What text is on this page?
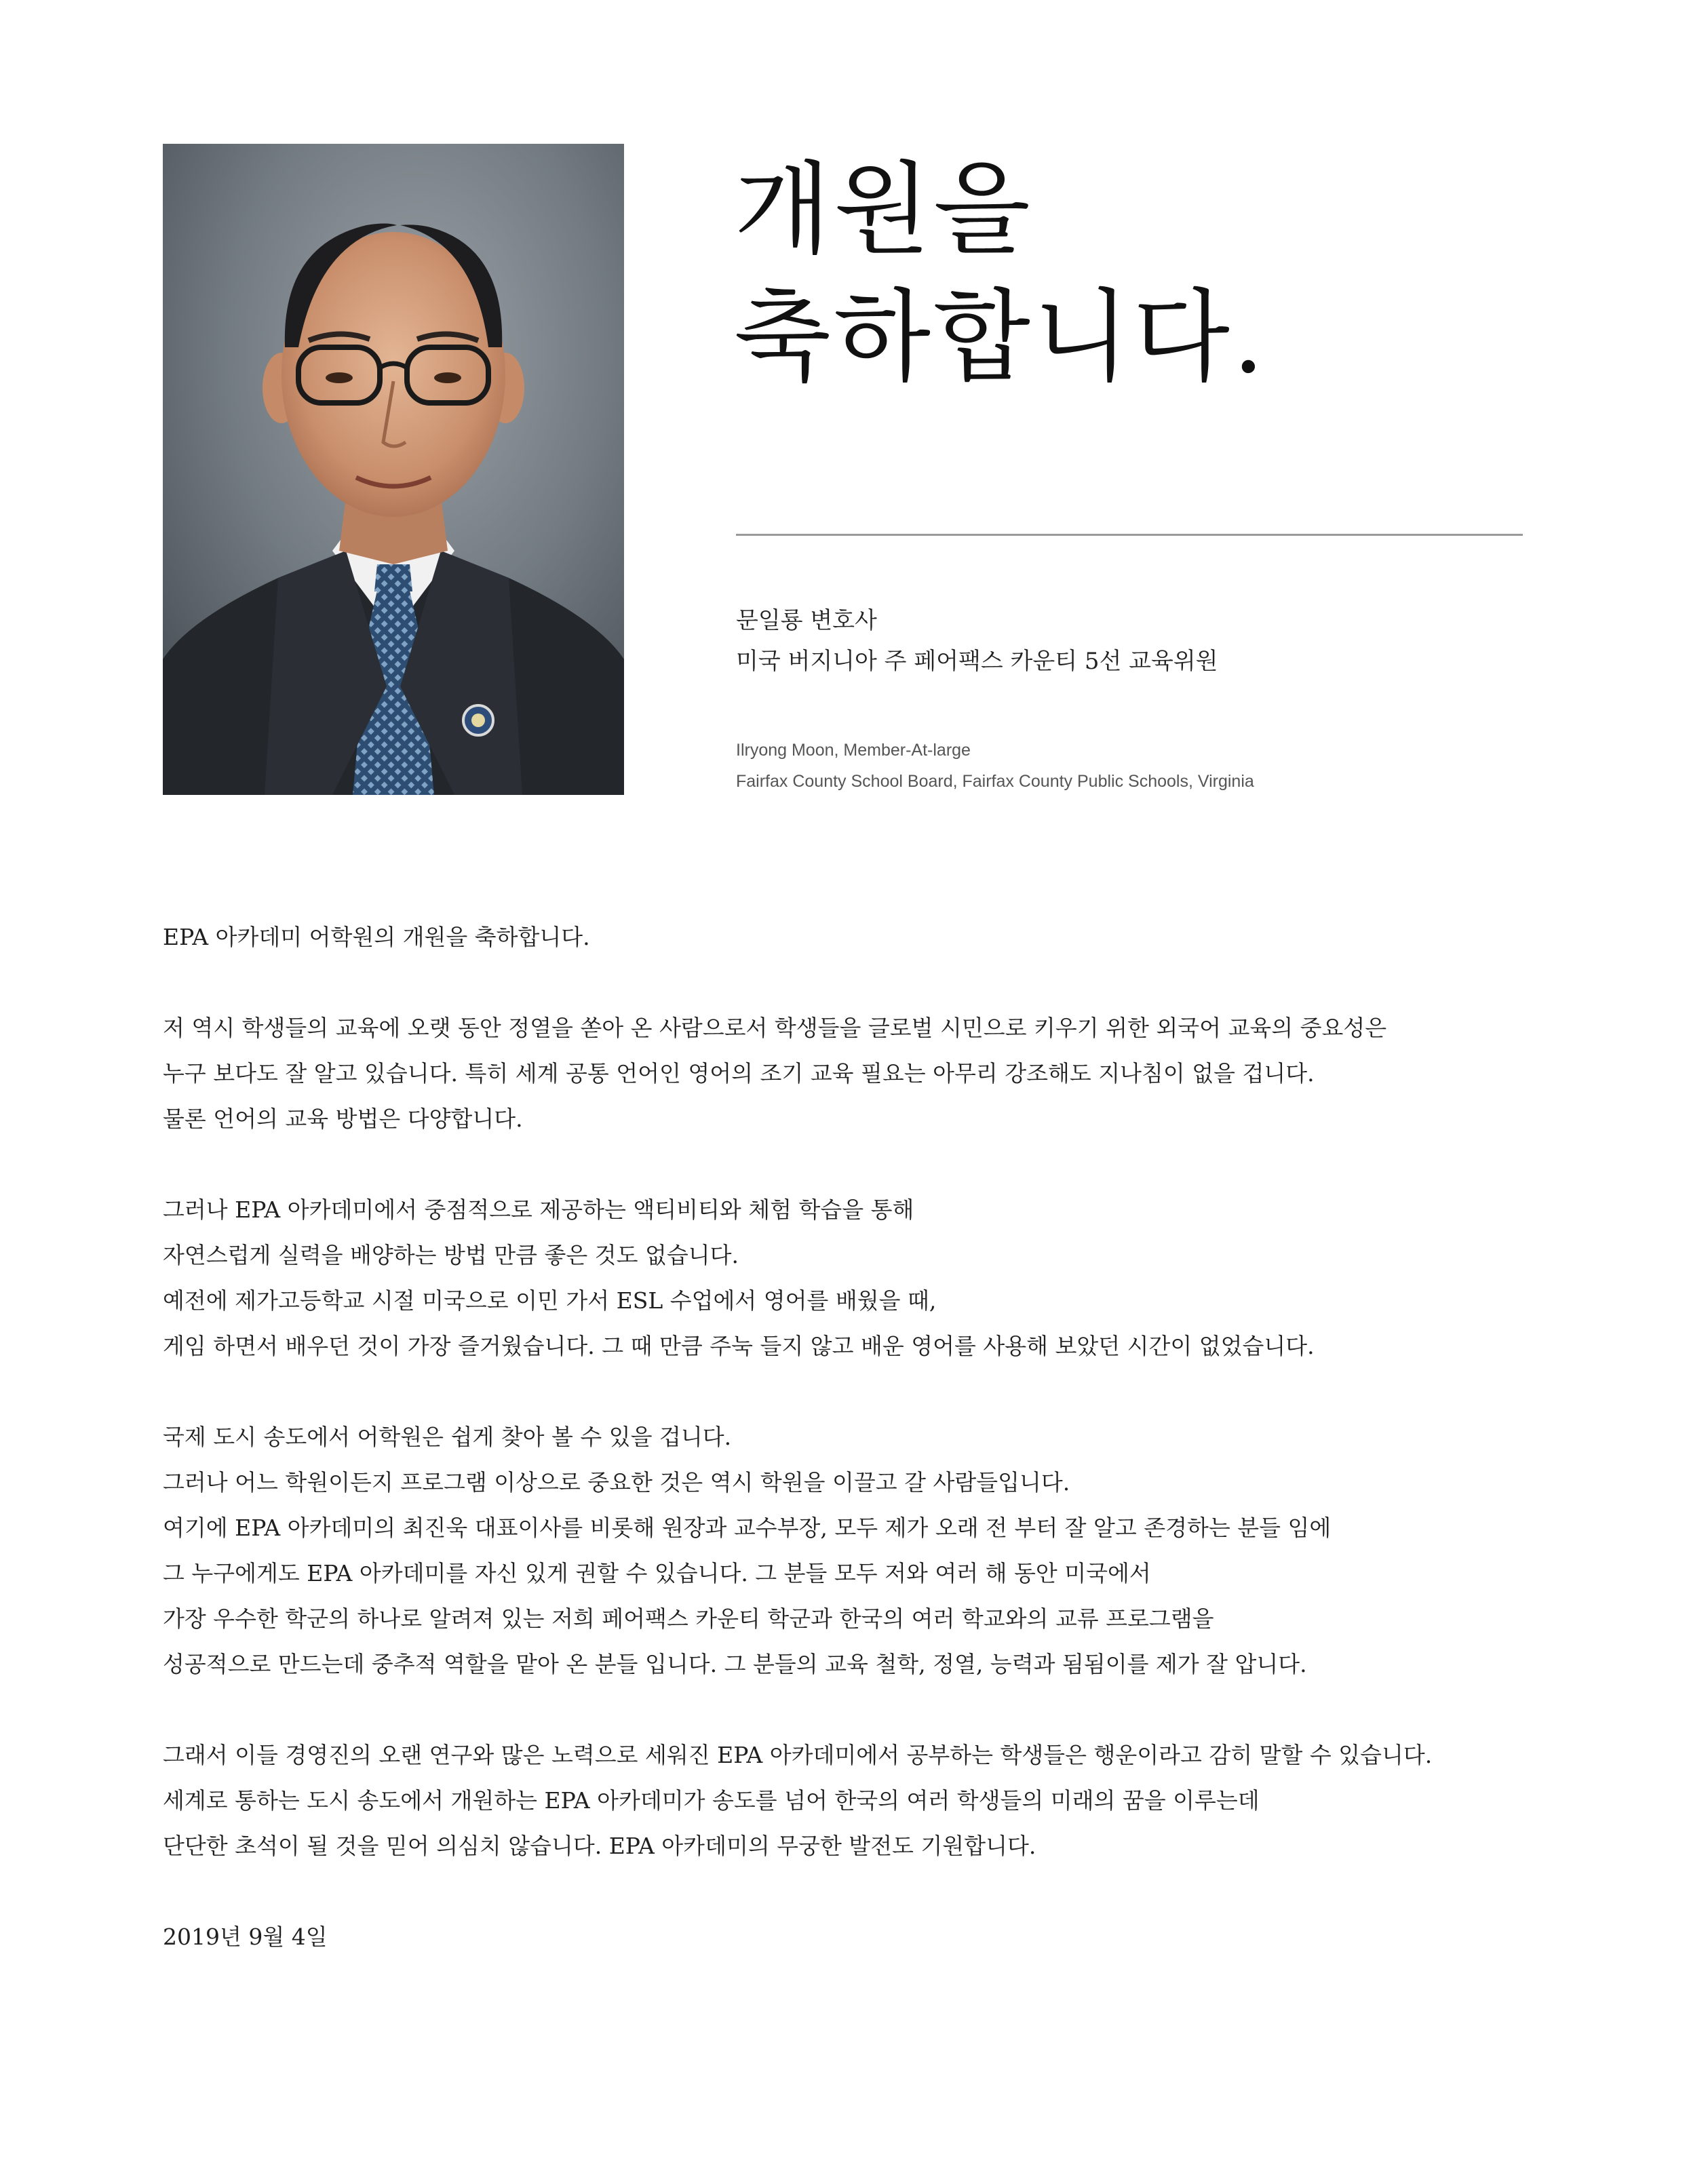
개원을
축하합니다.
문일룡 변호사
미국 버지니아 주 페어팩스 카운티 5선 교육위원
Ilryong Moon, Member-At-large
Fairfax County School Board, Fairfax County Public Schools, Virginia

EPA 아카데미 어학원의 개원을 축하합니다.

저 역시 학생들의 교육에 오랫 동안 정열을 쏟아 온 사람으로서 학생들을 글로벌 시민으로 키우기 위한 외국어 교육의 중요성은
누구 보다도 잘 알고 있습니다. 특히 세계 공통 언어인 영어의 조기 교육 필요는 아무리 강조해도 지나침이 없을 겁니다.
물론 언어의 교육 방법은 다양합니다.

그러나 EPA 아카데미에서 중점적으로 제공하는 액티비티와 체험 학습을 통해
자연스럽게 실력을 배양하는 방법 만큼 좋은 것도 없습니다.
예전에 제가고등학교 시절 미국으로 이민 가서 ESL 수업에서 영어를 배웠을 때,
게임 하면서 배우던 것이 가장 즐거웠습니다. 그 때 만큼 주눅 들지 않고 배운 영어를 사용해 보았던 시간이 없었습니다.

국제 도시 송도에서 어학원은 쉽게 찾아 볼 수 있을 겁니다.
그러나 어느 학원이든지 프로그램 이상으로 중요한 것은 역시 학원을 이끌고 갈 사람들입니다.
여기에 EPA 아카데미의 최진욱 대표이사를 비롯해 원장과 교수부장, 모두 제가 오래 전 부터 잘 알고 존경하는 분들 임에
그 누구에게도 EPA 아카데미를 자신 있게 권할 수 있습니다. 그 분들 모두 저와 여러 해 동안 미국에서
가장 우수한 학군의 하나로 알려져 있는 저희 페어팩스 카운티 학군과 한국의 여러 학교와의 교류 프로그램을
성공적으로 만드는데 중추적 역할을 맡아 온 분들 입니다. 그 분들의 교육 철학, 정열, 능력과 됨됨이를 제가 잘 압니다.

그래서 이들 경영진의 오랜 연구와 많은 노력으로 세워진 EPA 아카데미에서 공부하는 학생들은 행운이라고 감히 말할 수 있습니다.
세계로 통하는 도시 송도에서 개원하는 EPA 아카데미가 송도를 넘어 한국의 여러 학생들의 미래의 꿈을 이루는데
단단한 초석이 될 것을 믿어 의심치 않습니다. EPA 아카데미의 무궁한 발전도 기원합니다.

2019년 9월 4일
